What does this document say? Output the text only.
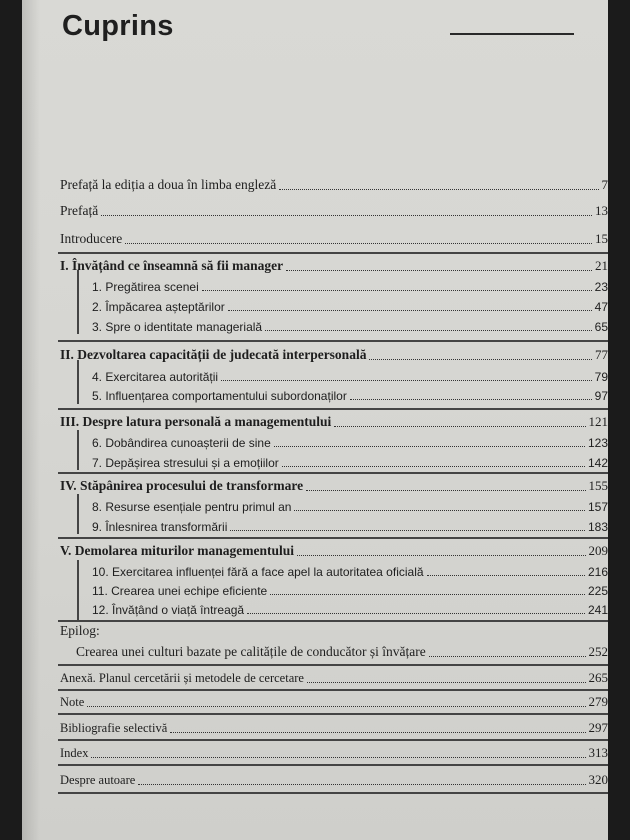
Cuprins
Prefață la ediția a doua în limba engleză	7
Prefață	13
Introducere	15
I. Învățând ce înseamnă să fii manager	21
1. Pregătirea scenei	23
2. Împăcarea așteptărilor	47
3. Spre o identitate managerială	65
II. Dezvoltarea capacității de judecată interpersonală	77
4. Exercitarea autorității	79
5. Influențarea comportamentului subordonaților	97
III. Despre latura personală a managementului	121
6. Dobândirea cunoașterii de sine	123
7. Depășirea stresului și a emoțiilor	142
IV. Stăpânirea procesului de transformare	155
8. Resurse esențiale pentru primul an	157
9. Înlesnirea transformării	183
V. Demolarea miturilor managementului	209
10. Exercitarea influenței fără a face apel la autoritatea oficială	216
11. Crearea unei echipe eficiente	225
12. Învățând o viață întreagă	241
Epilog:
Crearea unei culturi bazate pe calitățile de conducător și învățare	252
Anexă. Planul cercetării și metodele de cercetare	265
Note	279
Bibliografie selectivă	297
Index	313
Despre autoare	320
